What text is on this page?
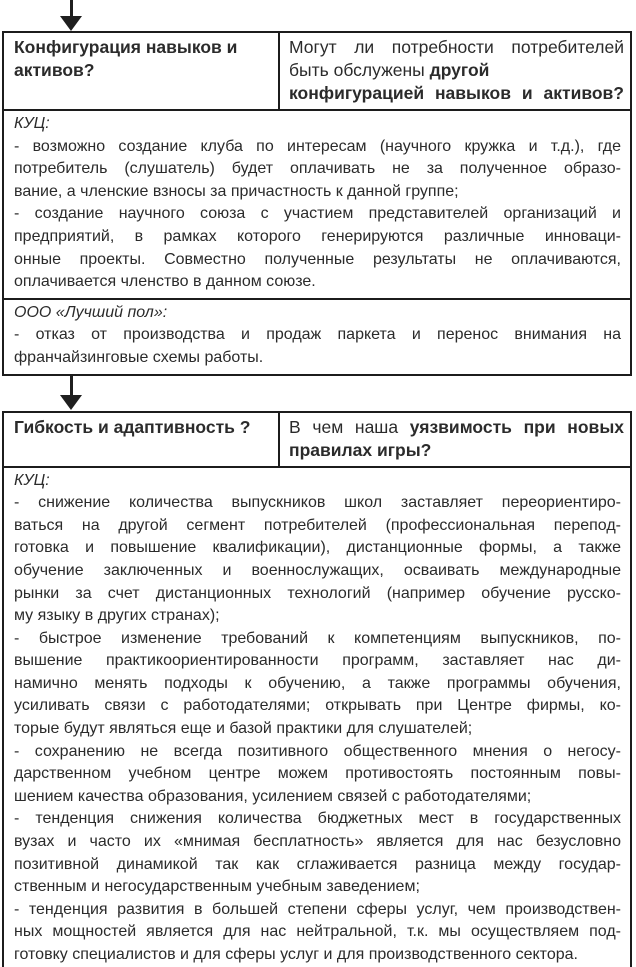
Конфигурация навыков и
активов?
Могут ли потребности потребителей
быть обслужены другой
конфигурацией навыков и активов?
КУЦ:
- возможно создание клуба по интересам (научного кружка и т.д.), где
потребитель (слушатель) будет оплачивать не за полученное образо-
вание, а членские взносы за причастность к данной группе;
- создание научного союза с участием представителей организаций и
предприятий, в рамках которого генерируются различные инноваци-
онные проекты. Совместно полученные результаты не оплачиваются,
оплачивается членство в данном союзе.
ООО «Лучший пол»:
- отказ от производства и продаж паркета и перенос внимания на
франчайзинговые схемы работы.
Гибкость и адаптивность ?	В чем наша уязвимость при новых
правилах игры?
КУЦ:
- снижение количества выпускников школ заставляет переориентиро-
ваться на другой сегмент потребителей (профессиональная перепод-
готовка и повышение квалификации), дистанционные формы, а также
обучение заключенных и военнослужащих, осваивать международные
рынки за счет дистанционных технологий (например обучение русско-
му языку в других странах);
- быстрое изменение требований к компетенциям выпускников, по-
вышение практикоориентированности программ, заставляет нас ди-
намично менять подходы к обучению, а также программы обучения,
усиливать связи с работодателями; открывать при Центре фирмы, ко-
торые будут являться еще и базой практики для слушателей;
- сохранению не всегда позитивного общественного мнения о негосу-
дарственном учебном центре можем противостоять постоянным повы-
шением качества образования, усилением связей с работодателями;
- тенденция снижения количества бюджетных мест в государственных
вузах и часто их «мнимая бесплатность» является для нас безусловно
позитивной динамикой так как сглаживается разница между государ-
ственным и негосударственным учебным заведением;
- тенденция развития в большей степени сферы услуг, чем производствен-
ных мощностей является для нас нейтральной, т.к. мы осуществляем под-
готовку специалистов и для сферы услуг и для производственного сектора.
